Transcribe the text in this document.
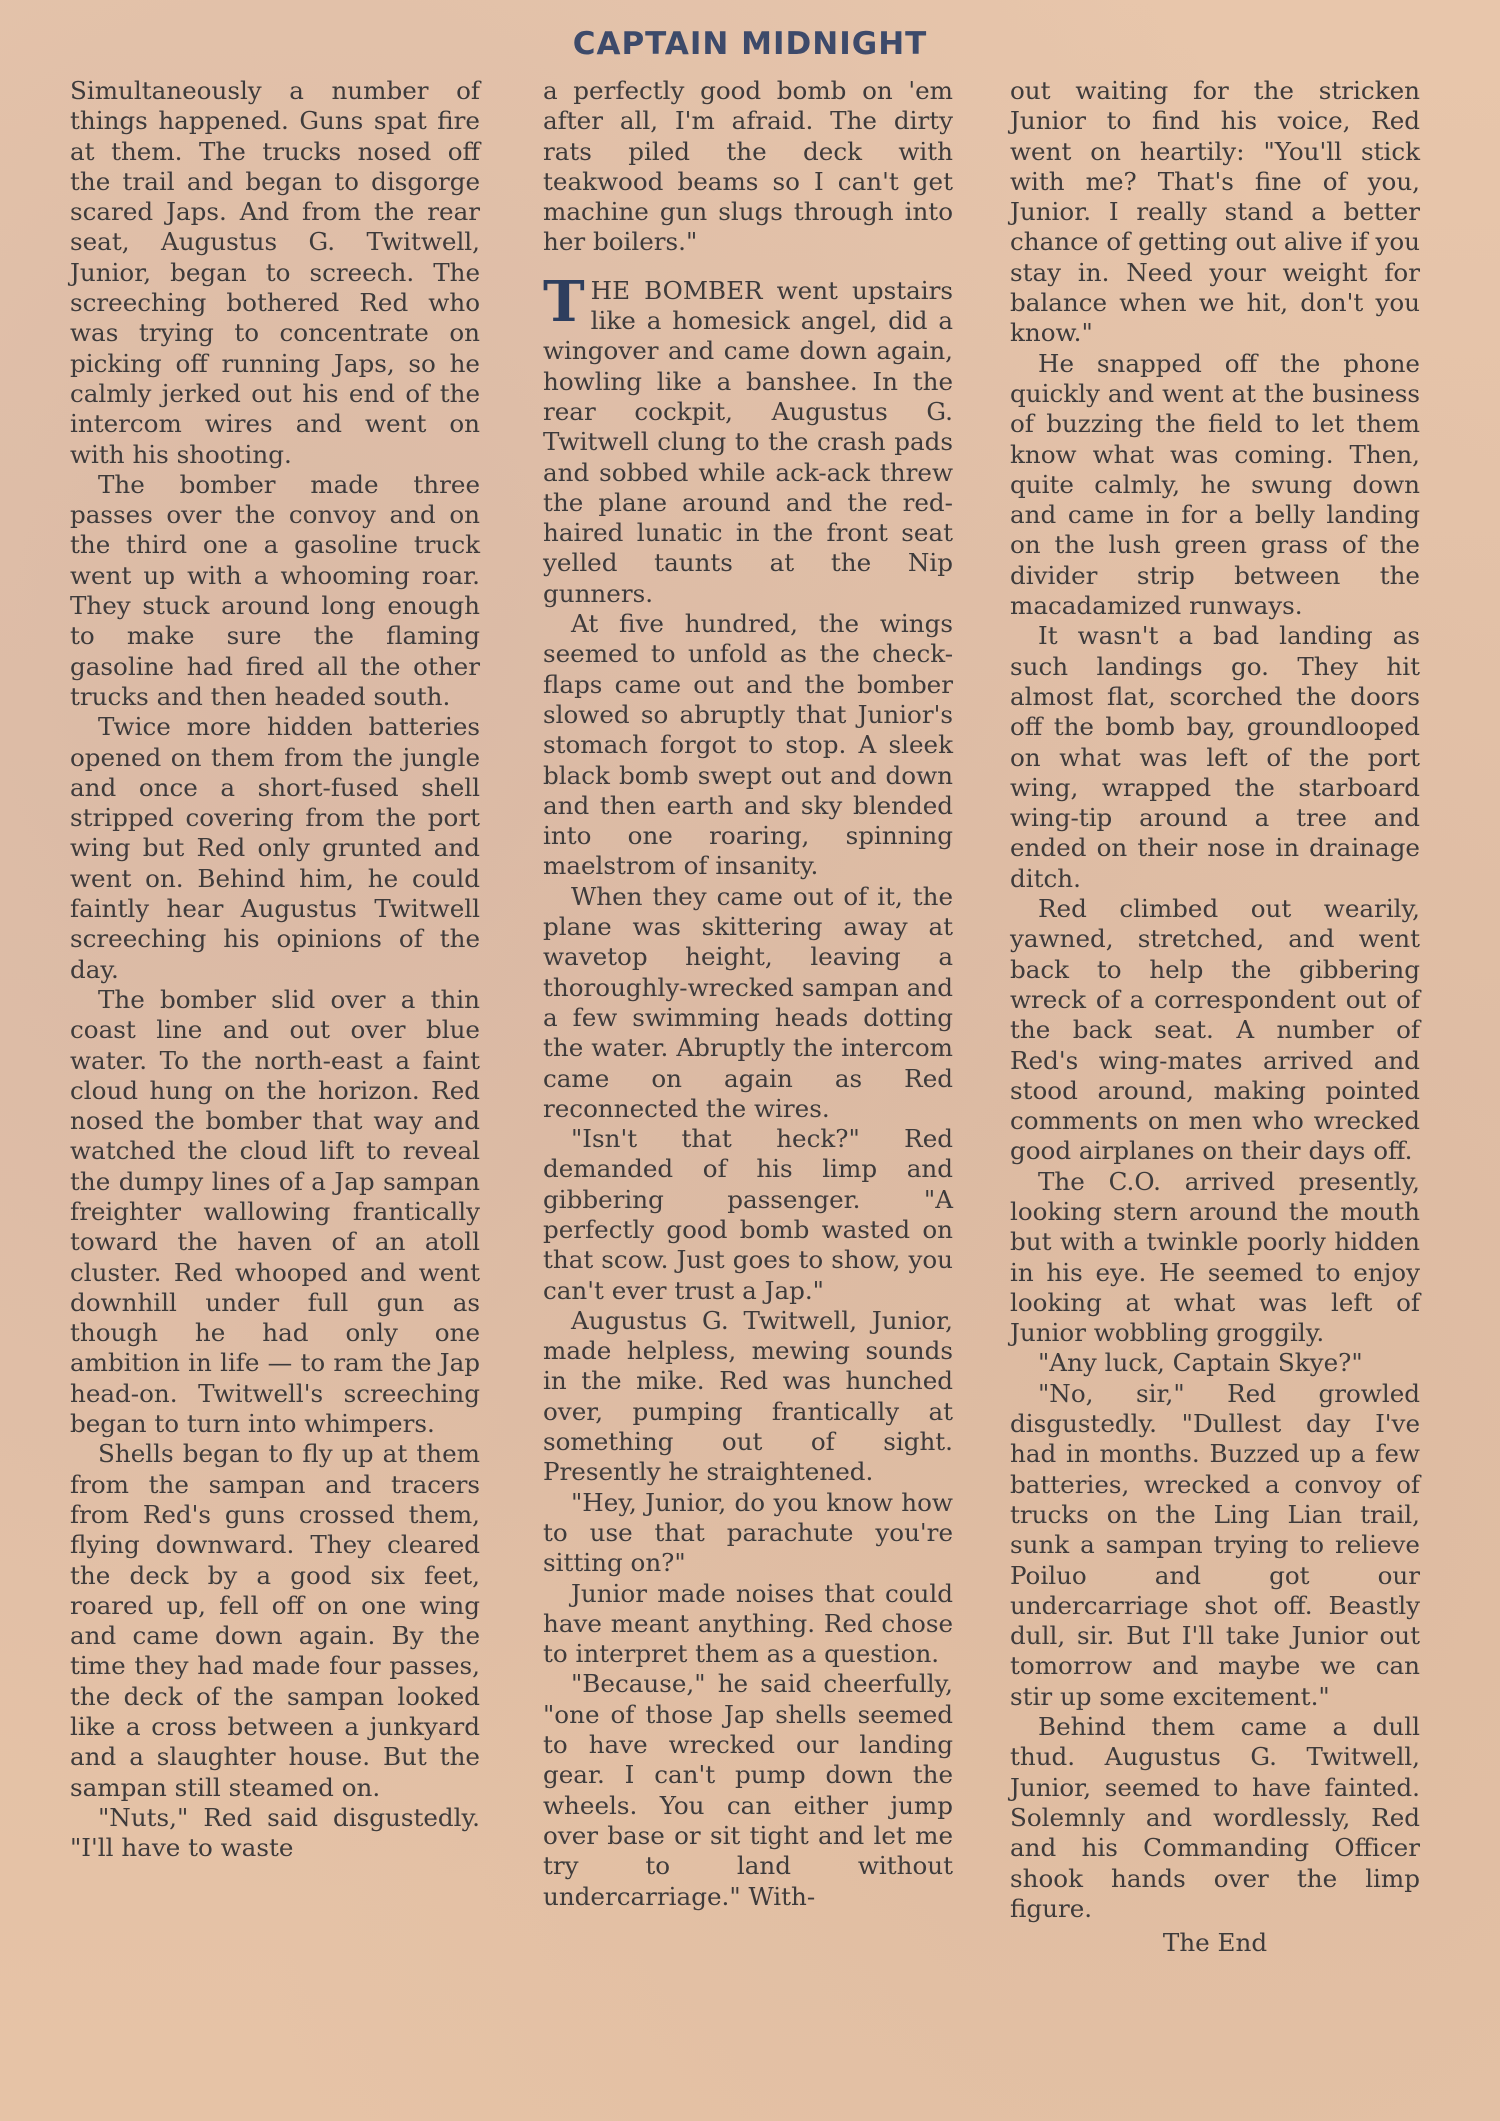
CAPTAIN MIDNIGHT

Simultaneously a number of things happened. Guns spat fire at them. The trucks nosed off the trail and began to disgorge scared Japs. And from the rear seat, Augustus G. Twitwell, Junior, began to screech. The screeching bothered Red who was trying to concentrate on picking off running Japs, so he calmly jerked out his end of the intercom wires and went on with his shooting.

The bomber made three passes over the convoy and on the third one a gasoline truck went up with a whooming roar. They stuck around long enough to make sure the flaming gasoline had fired all the other trucks and then headed south.

Twice more hidden batteries opened on them from the jungle and once a short-fused shell stripped covering from the port wing but Red only grunted and went on. Behind him, he could faintly hear Augustus Twitwell screeching his opinions of the day.

The bomber slid over a thin coast line and out over blue water. To the north-east a faint cloud hung on the horizon. Red nosed the bomber that way and watched the cloud lift to reveal the dumpy lines of a Jap sampan freighter wallowing frantically toward the haven of an atoll cluster. Red whooped and went downhill under full gun as though he had only one ambition in life — to ram the Jap head-on. Twitwell's screeching began to turn into whimpers.

Shells began to fly up at them from the sampan and tracers from Red's guns crossed them, flying downward. They cleared the deck by a good six feet, roared up, fell off on one wing and came down again. By the time they had made four passes, the deck of the sampan looked like a cross between a junkyard and a slaughter house. But the sampan still steamed on.

"Nuts," Red said disgustedly. "I'll have to waste

a perfectly good bomb on 'em after all, I'm afraid. The dirty rats piled the deck with teakwood beams so I can't get machine gun slugs through into her boilers."

THE BOMBER went upstairs like a homesick angel, did a wingover and came down again, howling like a banshee. In the rear cockpit, Augustus G. Twitwell clung to the crash pads and sobbed while ack-ack threw the plane around and the red-haired lunatic in the front seat yelled taunts at the Nip gunners.

At five hundred, the wings seemed to unfold as the check-flaps came out and the bomber slowed so abruptly that Junior's stomach forgot to stop. A sleek black bomb swept out and down and then earth and sky blended into one roaring, spinning maelstrom of insanity.

When they came out of it, the plane was skittering away at wavetop height, leaving a thoroughly-wrecked sampan and a few swimming heads dotting the water. Abruptly the intercom came on again as Red reconnected the wires.

"Isn't that heck?" Red demanded of his limp and gibbering passenger. "A perfectly good bomb wasted on that scow. Just goes to show, you can't ever trust a Jap."

Augustus G. Twitwell, Junior, made helpless, mewing sounds in the mike. Red was hunched over, pumping frantically at something out of sight. Presently he straightened.

"Hey, Junior, do you know how to use that parachute you're sitting on?"

Junior made noises that could have meant anything. Red chose to interpret them as a question.

"Because," he said cheerfully, "one of those Jap shells seemed to have wrecked our landing gear. I can't pump down the wheels. You can either jump over base or sit tight and let me try to land without undercarriage." With-

out waiting for the stricken Junior to find his voice, Red went on heartily: "You'll stick with me? That's fine of you, Junior. I really stand a better chance of getting out alive if you stay in. Need your weight for balance when we hit, don't you know."

He snapped off the phone quickly and went at the business of buzzing the field to let them know what was coming. Then, quite calmly, he swung down and came in for a belly landing on the lush green grass of the divider strip between the macadamized runways.

It wasn't a bad landing as such landings go. They hit almost flat, scorched the doors off the bomb bay, groundlooped on what was left of the port wing, wrapped the starboard wing-tip around a tree and ended on their nose in drainage ditch.

Red climbed out wearily, yawned, stretched, and went back to help the gibbering wreck of a correspondent out of the back seat. A number of Red's wing-mates arrived and stood around, making pointed comments on men who wrecked good airplanes on their days off.

The C.O. arrived presently, looking stern around the mouth but with a twinkle poorly hidden in his eye. He seemed to enjoy looking at what was left of Junior wobbling groggily.

"Any luck, Captain Skye?"

"No, sir," Red growled disgustedly. "Dullest day I've had in months. Buzzed up a few batteries, wrecked a convoy of trucks on the Ling Lian trail, sunk a sampan trying to relieve Poiluo and got our undercarriage shot off. Beastly dull, sir. But I'll take Junior out tomorrow and maybe we can stir up some excitement."

Behind them came a dull thud. Augustus G. Twitwell, Junior, seemed to have fainted. Solemnly and wordlessly, Red and his Commanding Officer shook hands over the limp figure.

The End
